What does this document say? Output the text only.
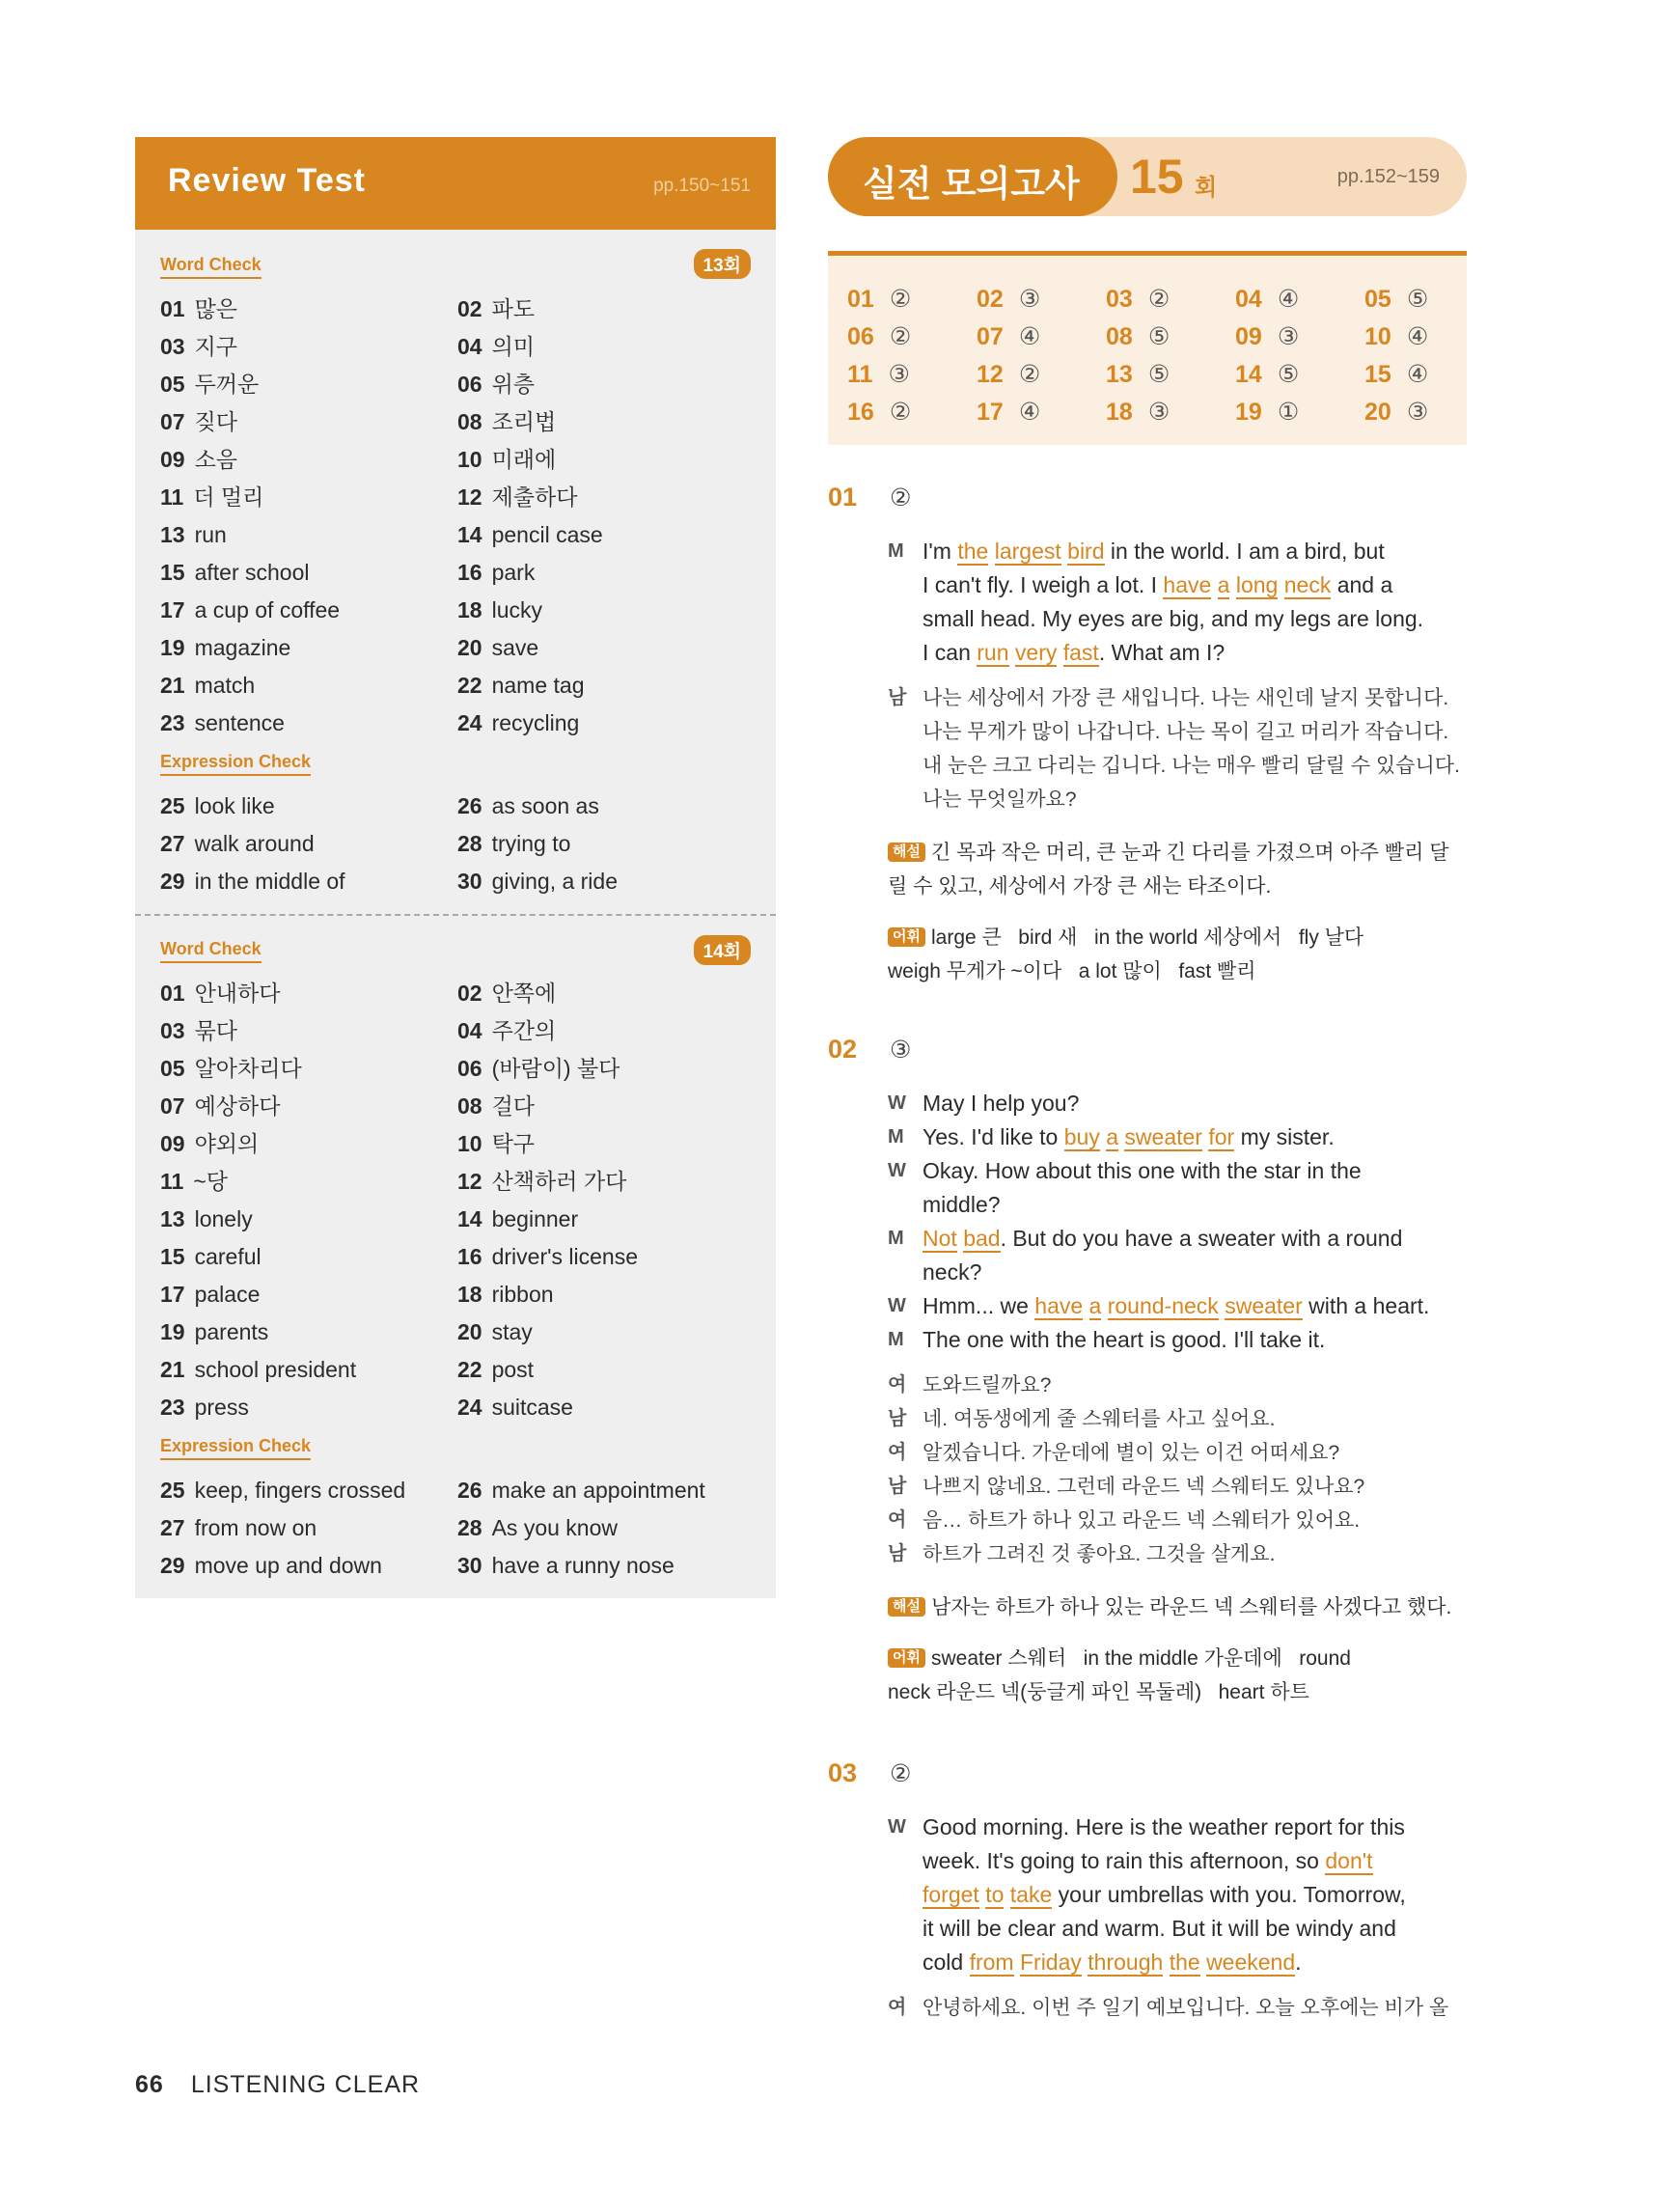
Review Test	pp.150~151
13회
Word Check
01 많은	02 파도
03 지구	04 의미
05 두꺼운	06 위층
07 짖다	08 조리법
09 소음	10 미래에
11 더 멀리	12 제출하다
13 run	14 pencil case
15 after school	16 park
17 a cup of coffee	18 lucky
19 magazine	20 save
21 match	22 name tag
23 sentence	24 recycling
Expression Check
25 look like	26 as soon as
27 walk around	28 trying to
29 in the middle of	30 giving, a ride
14회
Word Check
01 안내하다	02 안쪽에
03 묶다	04 주간의
05 알아차리다	06 (바람이) 불다
07 예상하다	08 걸다
09 야외의	10 탁구
11 ~당	12 산책하러 가다
13 lonely	14 beginner
15 careful	16 driver's license
17 palace	18 ribbon
19 parents	20 stay
21 school president	22 post
23 press	24 suitcase
Expression Check
25 keep, fingers crossed	26 make an appointment
27 from now on	28 As you know
29 move up and down	30 have a runny nose
실전 모의고사 15 회	pp.152~159
01 ②	02 ③	03 ②	04 ④	05 ⑤
06 ②	07 ④	08 ⑤	09 ③	10 ④
11 ③	12 ②	13 ⑤	14 ⑤	15 ④
16 ②	17 ④	18 ③	19 ①	20 ③
01 ②
M I'm the largest bird in the world. I am a bird, but
I can't fly. I weigh a lot. I have a long neck and a
small head. My eyes are big, and my legs are long.
I can run very fast. What am I?
남 나는 세상에서 가장 큰 새입니다. 나는 새인데 날지 못합니다.
나는 무게가 많이 나갑니다. 나는 목이 길고 머리가 작습니다.
내 눈은 크고 다리는 깁니다. 나는 매우 빨리 달릴 수 있습니다.
나는 무엇일까요?
해설 긴 목과 작은 머리, 큰 눈과 긴 다리를 가졌으며 아주 빨리 달
릴 수 있고, 세상에서 가장 큰 새는 타조이다.
어휘 large 큰   bird 새   in the world 세상에서   fly 날다
weigh 무게가 ~이다   a lot 많이   fast 빨리
02 ③
W May I help you?
M Yes. I'd like to buy a sweater for my sister.
W Okay. How about this one with the star in the
middle?
M Not bad. But do you have a sweater with a round
neck?
W Hmm... we have a round-neck sweater with a heart.
M The one with the heart is good. I'll take it.
여 도와드릴까요?
남 네. 여동생에게 줄 스웨터를 사고 싶어요.
여 알겠습니다. 가운데에 별이 있는 이건 어떠세요?
남 나쁘지 않네요. 그런데 라운드 넥 스웨터도 있나요?
여 음… 하트가 하나 있고 라운드 넥 스웨터가 있어요.
남 하트가 그려진 것 좋아요. 그것을 살게요.
해설 남자는 하트가 하나 있는 라운드 넥 스웨터를 사겠다고 했다.
어휘 sweater 스웨터   in the middle 가운데에   round
neck 라운드 넥(둥글게 파인 목둘레)   heart 하트
03 ②
W Good morning. Here is the weather report for this
week. It's going to rain this afternoon, so don't
forget to take your umbrellas with you. Tomorrow,
it will be clear and warm. But it will be windy and
cold from Friday through the weekend.
여 안녕하세요. 이번 주 일기 예보입니다. 오늘 오후에는 비가 올
66 LISTENING CLEAR
